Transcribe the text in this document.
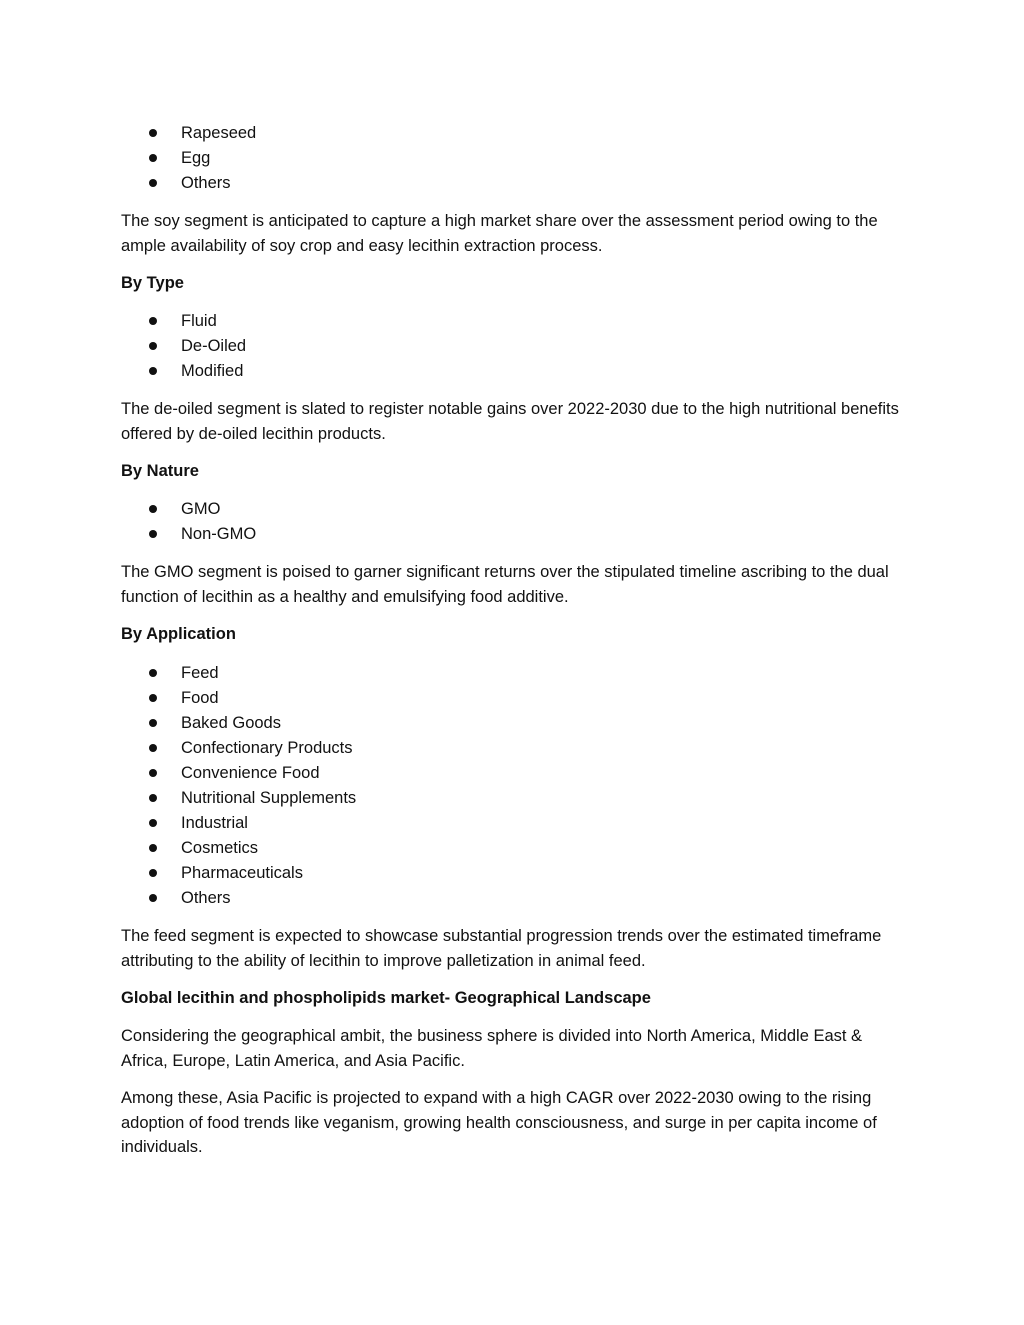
Rapeseed
Egg
Others

The soy segment is anticipated to capture a high market share over the assessment period owing to the ample availability of soy crop and easy lecithin extraction process.

By Type

Fluid
De-Oiled
Modified

The de-oiled segment is slated to register notable gains over 2022-2030 due to the high nutritional benefits offered by de-oiled lecithin products.

By Nature

GMO
Non-GMO

The GMO segment is poised to garner significant returns over the stipulated timeline ascribing to the dual function of lecithin as a healthy and emulsifying food additive.

By Application

Feed
Food
Baked Goods
Confectionary Products
Convenience Food
Nutritional Supplements
Industrial
Cosmetics
Pharmaceuticals
Others

The feed segment is expected to showcase substantial progression trends over the estimated timeframe attributing to the ability of lecithin to improve palletization in animal feed.

Global lecithin and phospholipids market- Geographical Landscape

Considering the geographical ambit, the business sphere is divided into North America, Middle East & Africa, Europe, Latin America, and Asia Pacific.

Among these, Asia Pacific is projected to expand with a high CAGR over 2022-2030 owing to the rising adoption of food trends like veganism, growing health consciousness, and surge in per capita income of individuals.
